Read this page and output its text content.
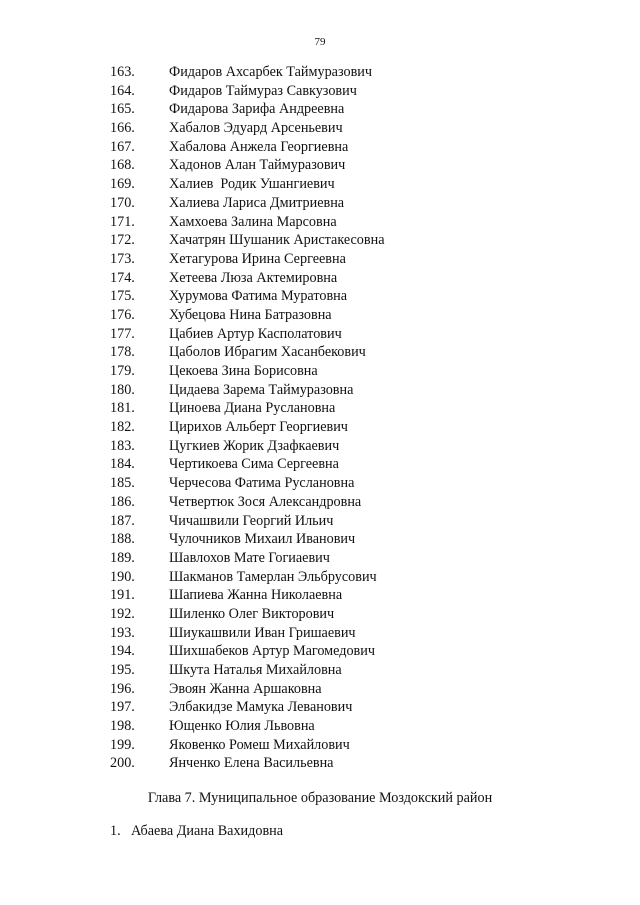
79
163. Фидаров Ахсарбек Таймуразович
164. Фидаров Таймураз Савкузович
165. Фидарова Зарифа Андреевна
166. Хабалов Эдуард Арсеньевич
167. Хабалова Анжела Георгиевна
168. Хадонов Алан Таймуразович
169. Халиев  Родик Ушангиевич
170. Халиева Лариса Дмитриевна
171. Хамхоева Залина Марсовна
172. Хачатрян Шушаник Аристакесовна
173. Хетагурова Ирина Сергеевна
174. Хетеева Люза Актемировна
175. Хурумова Фатима Муратовна
176. Хубецова Нина Батразовна
177. Цабиев Артур Касполатович
178. Цаболов Ибрагим Хасанбекович
179. Цекоева Зина Борисовна
180. Цидаева Зарема Таймуразовна
181. Циноева Диана Руслановна
182. Цирихов Альберт Георгиевич
183. Цугкиев Жорик Дзафкаевич
184. Чертикоева Сима Сергеевна
185. Черчесова Фатима Руслановна
186. Четвертюк Зося Александровна
187. Чичашвили Георгий Ильич
188. Чулочников Михаил Иванович
189. Шавлохов Мате Гогиаевич
190. Шакманов Тамерлан Эльбрусович
191. Шапиева Жанна Николаевна
192. Шиленко Олег Викторович
193. Шиукашвили Иван Гришаевич
194. Шихшабеков Артур Магомедович
195. Шкута Наталья Михайловна
196. Эвоян Жанна Аршаковна
197. Элбакидзе Мамука Леванович
198. Ющенко Юлия Львовна
199. Яковенко Ромеш Михайлович
200. Янченко Елена Васильевна
Глава 7. Муниципальное образование Моздокский район
1. Абаева Диана Вахидовна
